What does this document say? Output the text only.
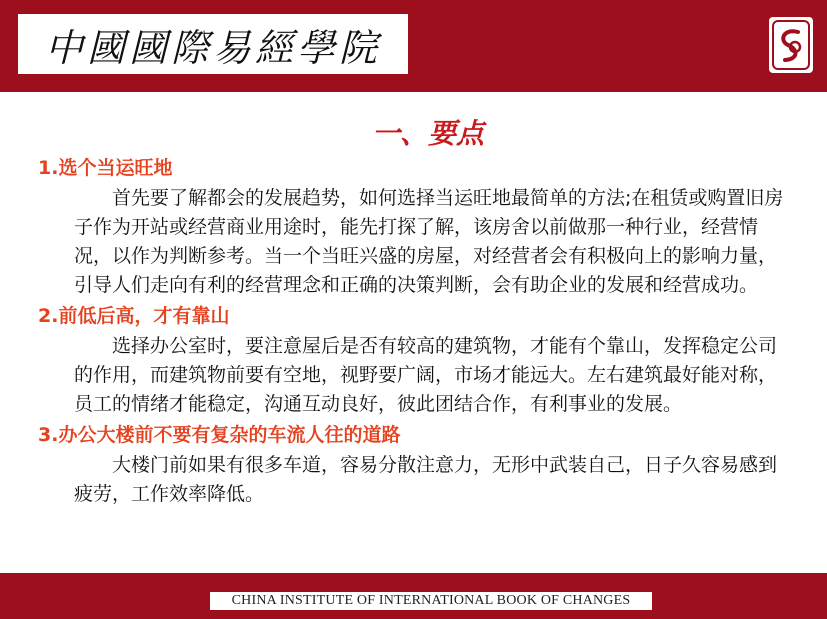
中國國際易經學院
一、要点
1.选个当运旺地
首先要了解都会的发展趋势，如何选择当运旺地最简单的方法;在租赁或购置旧房子作为开站或经营商业用途时，能先打探了解，该房舍以前做那一种行业，经营情况，以作为判断参考。当一个当旺兴盛的房屋，对经营者会有积极向上的影响力量，引导人们走向有利的经营理念和正确的决策判断，会有助企业的发展和经营成功。
2.前低后高，才有靠山
选择办公室时，要注意屋后是否有较高的建筑物，才能有个靠山，发挥稳定公司的作用，而建筑物前要有空地，视野要广阔，市场才能远大。左右建筑最好能对称，员工的情绪才能稳定，沟通互动良好，彼此团结合作，有利事业的发展。
3.办公大楼前不要有复杂的车流人往的道路
大楼门前如果有很多车道，容易分散注意力，无形中武装自己，日子久容易感到疲劳，工作效率降低。
CHINA INSTITUTE OF INTERNATIONAL BOOK OF CHANGES
